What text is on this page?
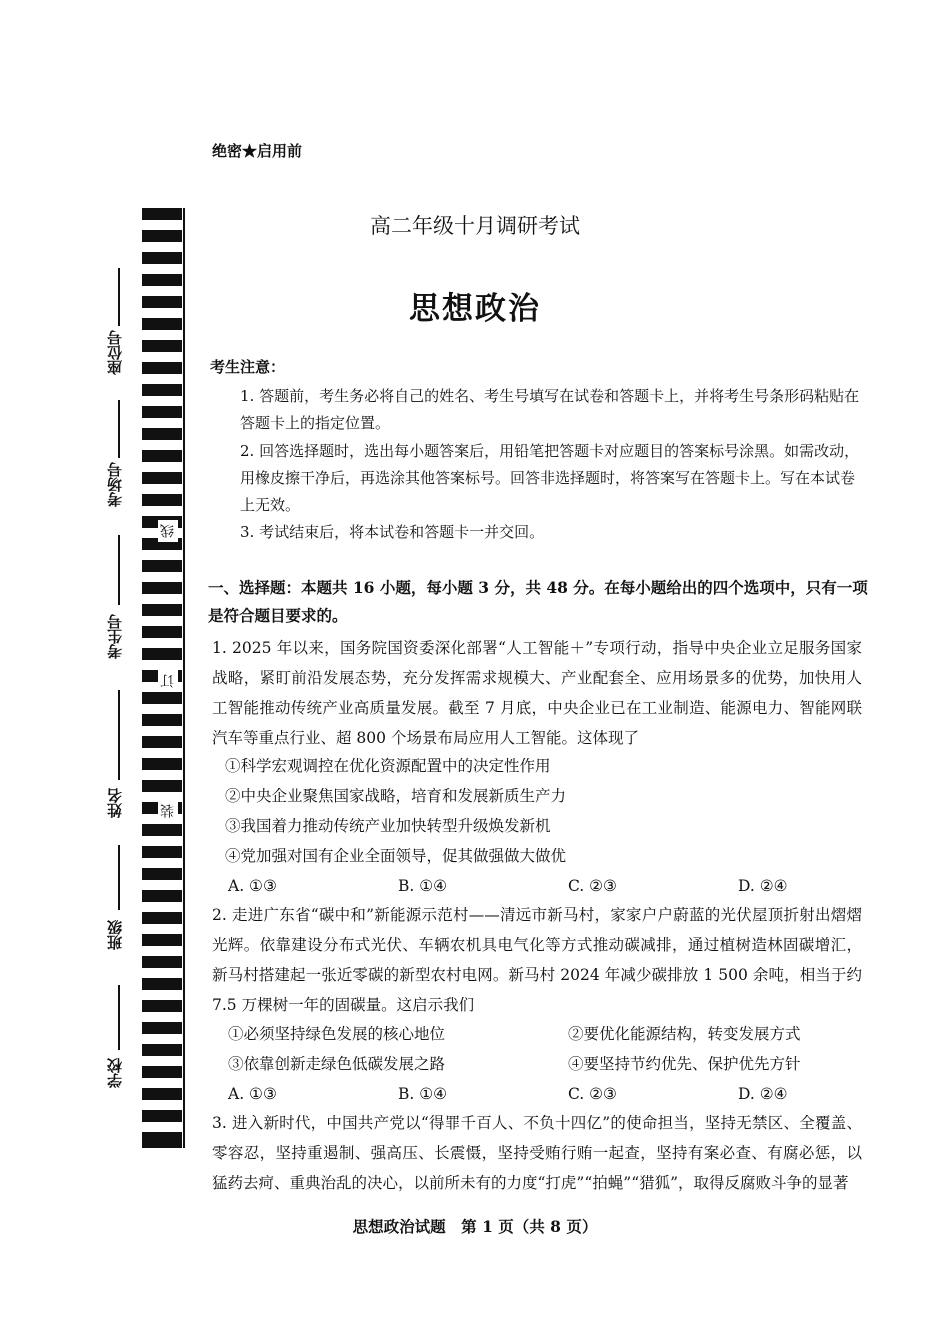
线
订
装
座位号
考场号
考生号
姓名
班级
学校
绝密★启用前
高二年级十月调研考试
思想政治
考生注意：
1. 答题前，考生务必将自己的姓名、考生号填写在试卷和答题卡上，并将考生号条形码粘贴在答题卡上的指定位置。
2. 回答选择题时，选出每小题答案后，用铅笔把答题卡对应题目的答案标号涂黑。如需改动，用橡皮擦干净后，再选涂其他答案标号。回答非选择题时，将答案写在答题卡上。写在本试卷上无效。
3. 考试结束后，将本试卷和答题卡一并交回。
一、选择题：本题共 16 小题，每小题 3 分，共 48 分。在每小题给出的四个选项中，只有一项是符合题目要求的。
1. 2025 年以来，国务院国资委深化部署“人工智能＋”专项行动，指导中央企业立足服务国家战略，紧盯前沿发展态势，充分发挥需求规模大、产业配套全、应用场景多的优势，加快用人工智能推动传统产业高质量发展。截至 7 月底，中央企业已在工业制造、能源电力、智能网联汽车等重点行业、超 800 个场景布局应用人工智能。这体现了
①科学宏观调控在优化资源配置中的决定性作用
②中央企业聚焦国家战略，培育和发展新质生产力
③我国着力推动传统产业加快转型升级焕发新机
④党加强对国有企业全面领导，促其做强做大做优
A. ①③	B. ①④	C. ②③	D. ②④
2. 走进广东省“碳中和”新能源示范村——清远市新马村，家家户户蔚蓝的光伏屋顶折射出熠熠光辉。依靠建设分布式光伏、车辆农机具电气化等方式推动碳减排，通过植树造林固碳增汇，新马村搭建起一张近零碳的新型农村电网。新马村 2024 年减少碳排放 1 500 余吨，相当于约 7.5 万棵树一年的固碳量。这启示我们
①必须坚持绿色发展的核心地位	②要优化能源结构，转变发展方式
③依靠创新走绿色低碳发展之路	④要坚持节约优先、保护优先方针
A. ①③	B. ①④	C. ②③	D. ②④
3. 进入新时代，中国共产党以“得罪千百人、不负十四亿”的使命担当，坚持无禁区、全覆盖、零容忍，坚持重遏制、强高压、长震慑，坚持受贿行贿一起查，坚持有案必查、有腐必惩，以猛药去疴、重典治乱的决心，以前所未有的力度“打虎”“拍蝇”“猎狐”，取得反腐败斗争的显著
思想政治试题　第 1 页（共 8 页）
